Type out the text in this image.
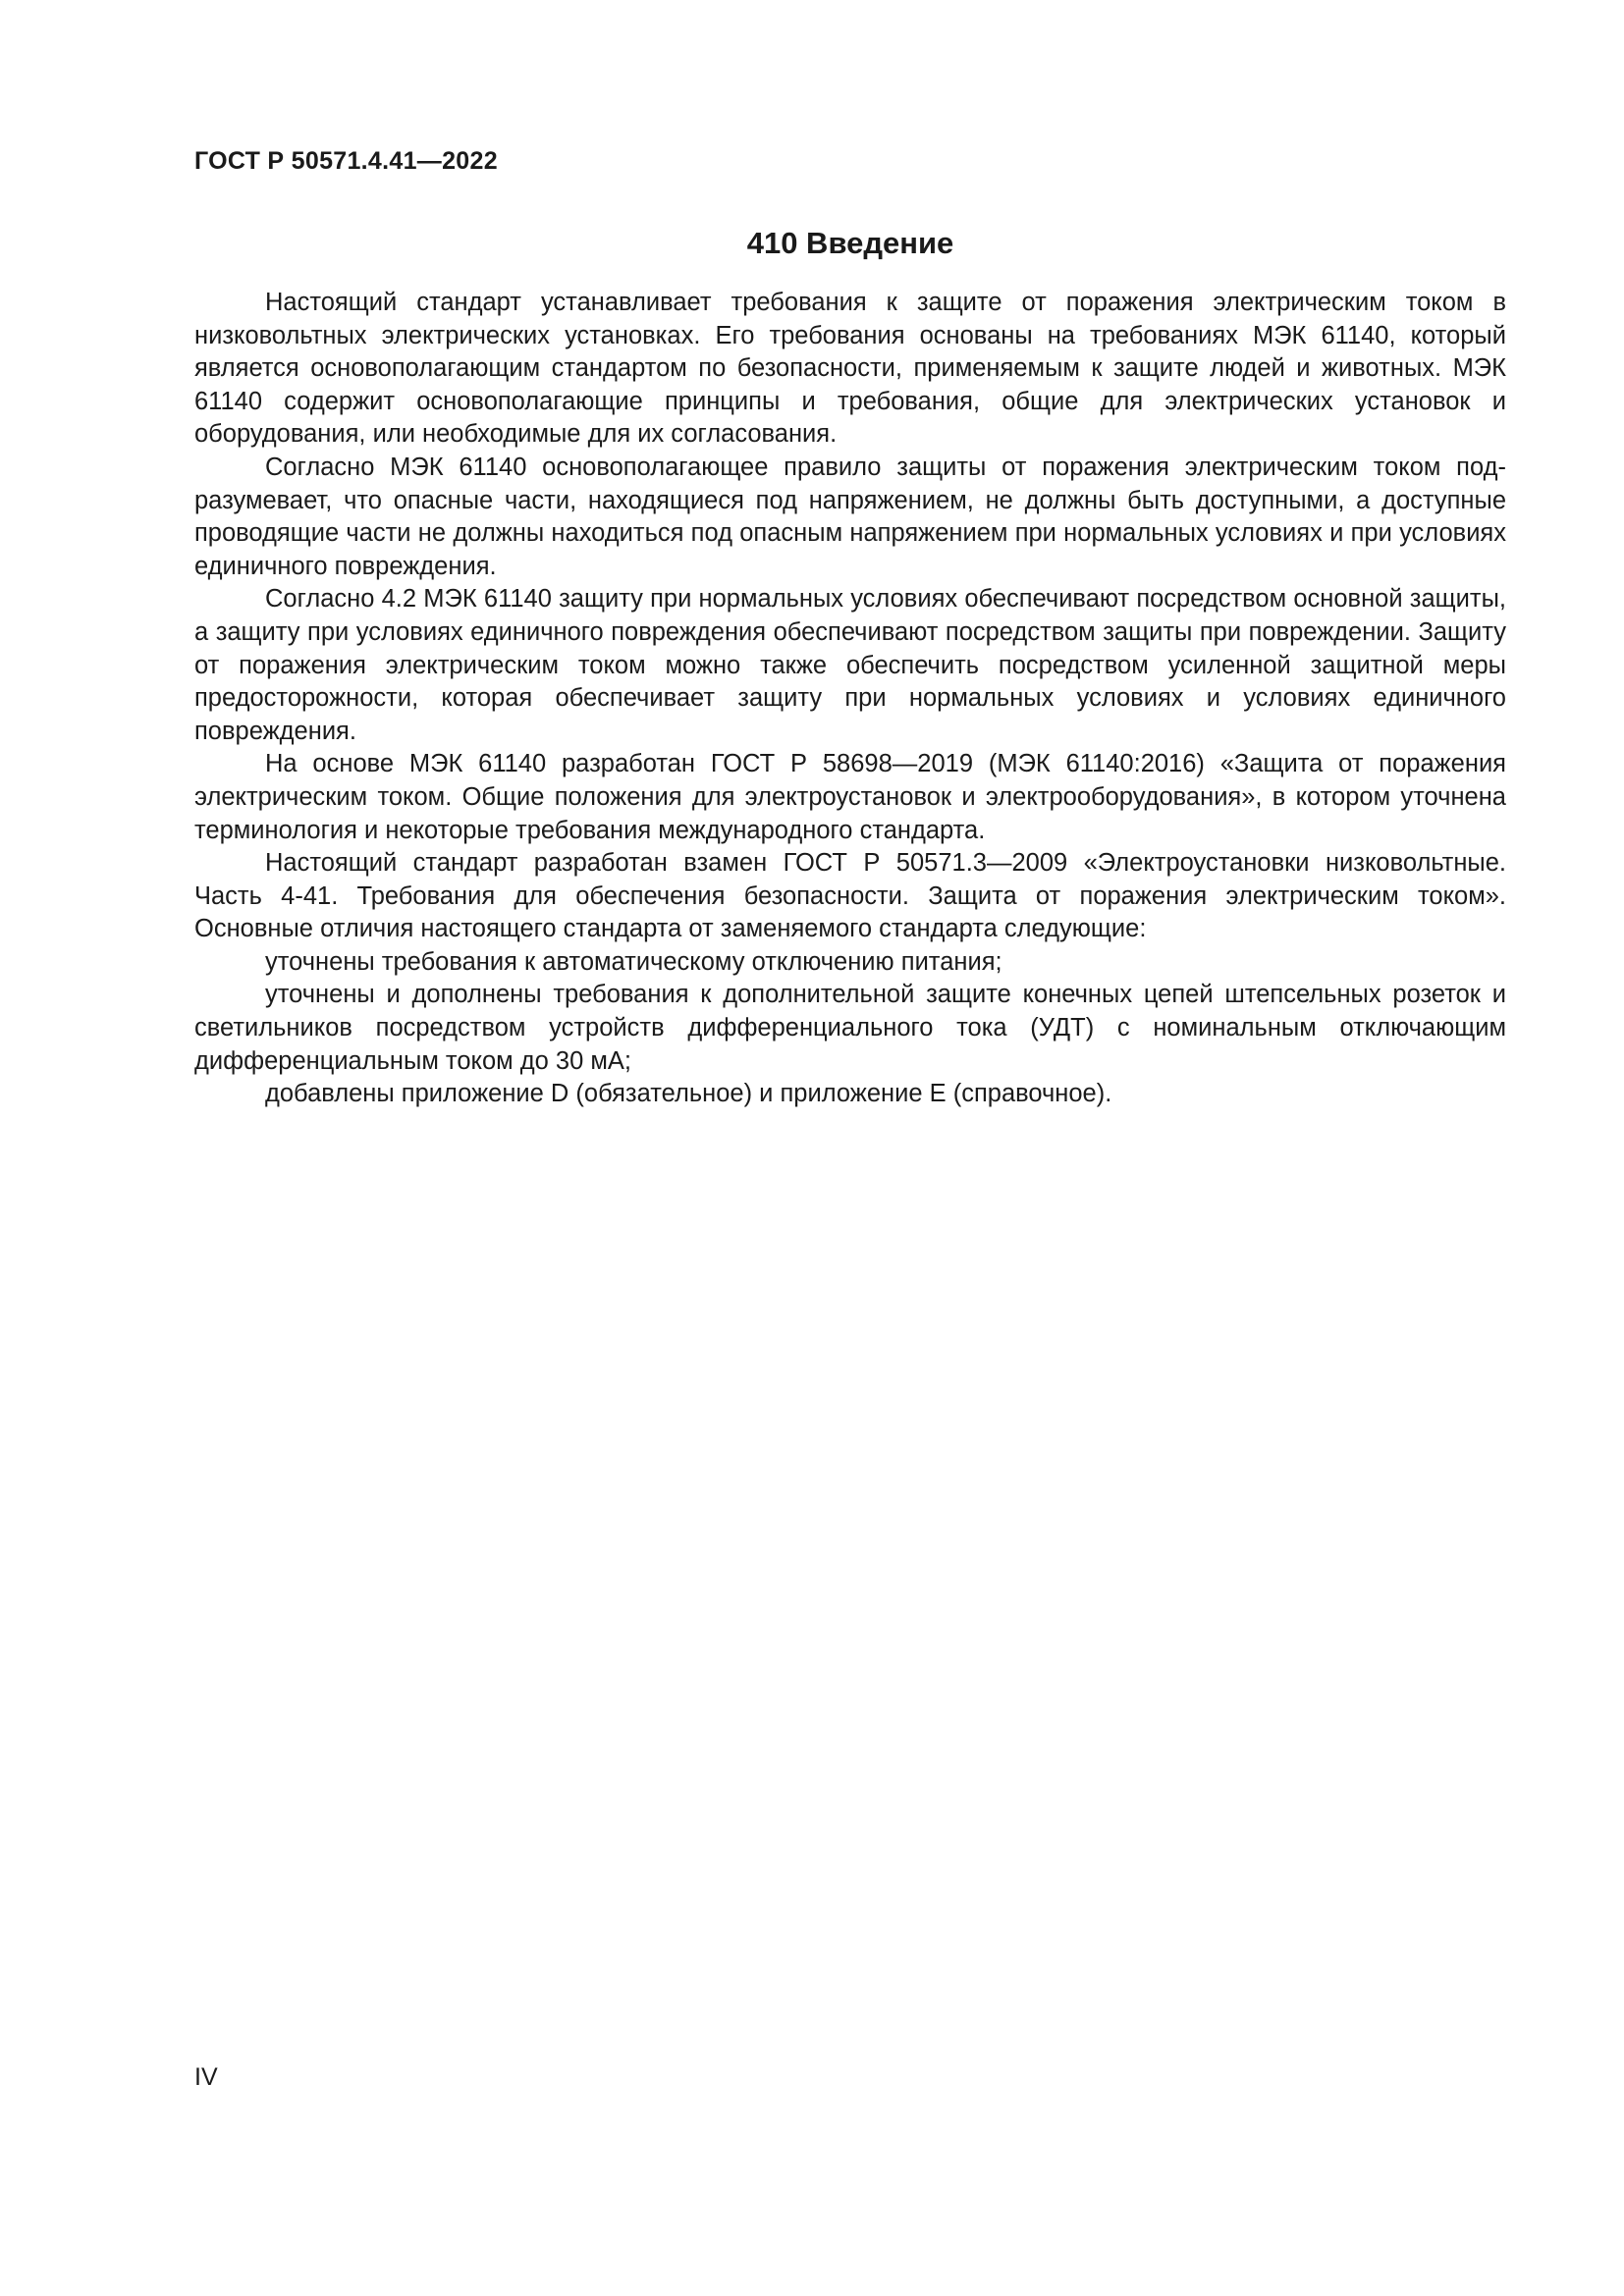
ГОСТ Р 50571.4.41—2022
410 Введение

Настоящий стандарт устанавливает требования к защите от поражения электрическим током в низковольтных электрических установках. Его требования основаны на требованиях МЭК 61140, который является основополагающим стандартом по безопасности, применяемым к защите людей и животных. МЭК 61140 содержит основополагающие принципы и требования, общие для электрических установок и оборудования, или необходимые для их согласования.

Согласно МЭК 61140 основополагающее правило защиты от поражения электрическим током подразумевает, что опасные части, находящиеся под напряжением, не должны быть доступными, а доступные проводящие части не должны находиться под опасным напряжением при нормальных условиях и при условиях единичного повреждения.

Согласно 4.2 МЭК 61140 защиту при нормальных условиях обеспечивают посредством основной защиты, а защиту при условиях единичного повреждения обеспечивают посредством защиты при повреждении. Защиту от поражения электрическим током можно также обеспечить посредством усиленной защитной меры предосторожности, которая обеспечивает защиту при нормальных условиях и условиях единичного повреждения.

На основе МЭК 61140 разработан ГОСТ Р 58698—2019 (МЭК 61140:2016) «Защита от поражения электрическим током. Общие положения для электроустановок и электрооборудования», в котором уточнена терминология и некоторые требования международного стандарта.

Настоящий стандарт разработан взамен ГОСТ Р 50571.3—2009 «Электроустановки низковольтные. Часть 4-41. Требования для обеспечения безопасности. Защита от поражения электрическим током». Основные отличия настоящего стандарта от заменяемого стандарта следующие:

уточнены требования к автоматическому отключению питания;

уточнены и дополнены требования к дополнительной защите конечных цепей штепсельных розеток и светильников посредством устройств дифференциального тока (УДТ) с номинальным отключающим дифференциальным током до 30 мА;

добавлены приложение D (обязательное) и приложение E (справочное).

IV
